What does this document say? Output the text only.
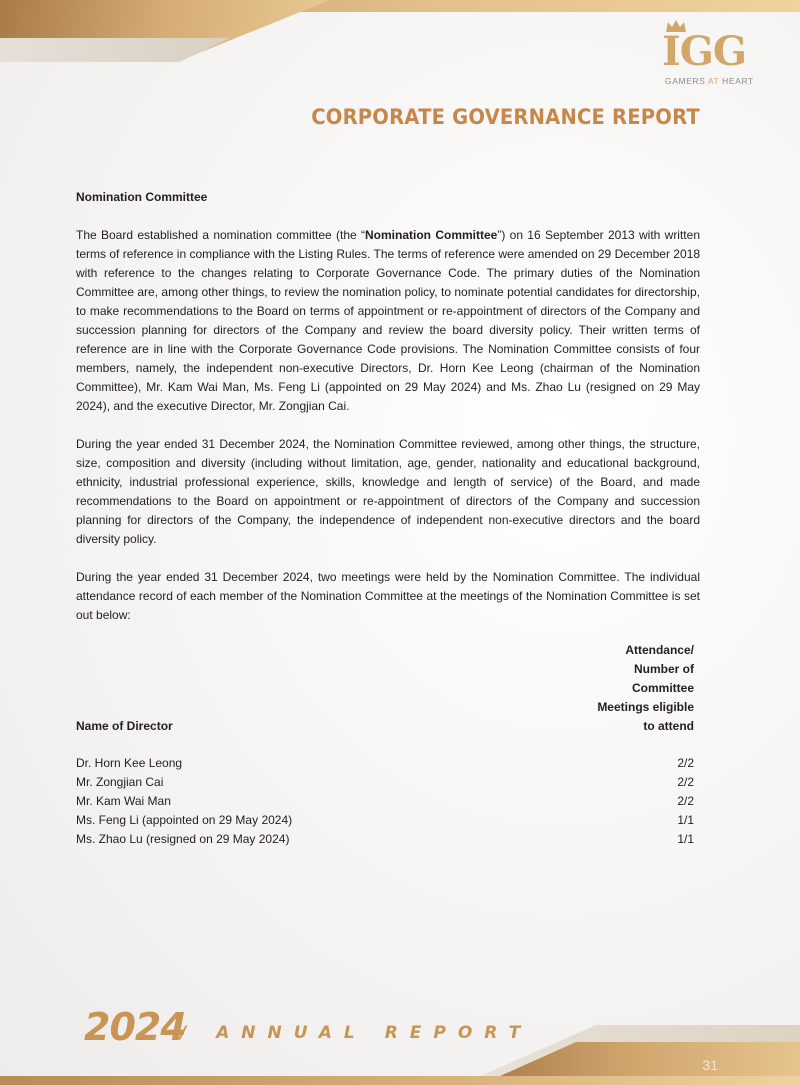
IGG
GAMERS AT HEART
CORPORATE GOVERNANCE REPORT

Nomination Committee

The Board established a nomination committee (the “Nomination Committee”) on 16 September 2013 with written terms of reference in compliance with the Listing Rules. The terms of reference were amended on 29 December 2018 with reference to the changes relating to Corporate Governance Code. The primary duties of the Nomination Committee are, among other things, to review the nomination policy, to nominate potential candidates for directorship, to make recommendations to the Board on terms of appointment or re-appointment of directors of the Company and succession planning for directors of the Company and review the board diversity policy. Their written terms of reference are in line with the Corporate Governance Code provisions. The Nomination Committee consists of four members, namely, the independent non-executive Directors, Dr. Horn Kee Leong (chairman of the Nomination Committee), Mr. Kam Wai Man, Ms. Feng Li (appointed on 29 May 2024) and Ms. Zhao Lu (resigned on 29 May 2024), and the executive Director, Mr. Zongjian Cai.

During the year ended 31 December 2024, the Nomination Committee reviewed, among other things, the structure, size, composition and diversity (including without limitation, age, gender, nationality and educational background, ethnicity, industrial professional experience, skills, knowledge and length of service) of the Board, and made recommendations to the Board on appointment or re-appointment of directors of the Company and succession planning for directors of the Company, the independence of independent non-executive directors and the board diversity policy.

During the year ended 31 December 2024, two meetings were held by the Nomination Committee. The individual attendance record of each member of the Nomination Committee at the meetings of the Nomination Committee is set out below:

Name of Director
Attendance/
Number of
Committee
Meetings eligible
to attend
Dr. Horn Kee Leong	2/2
Mr. Zongjian Cai	2/2
Mr. Kam Wai Man	2/2
Ms. Feng Li (appointed on 29 May 2024)	1/1
Ms. Zhao Lu (resigned on 29 May 2024)	1/1
2024
/ ANNUAL REPORT
31
